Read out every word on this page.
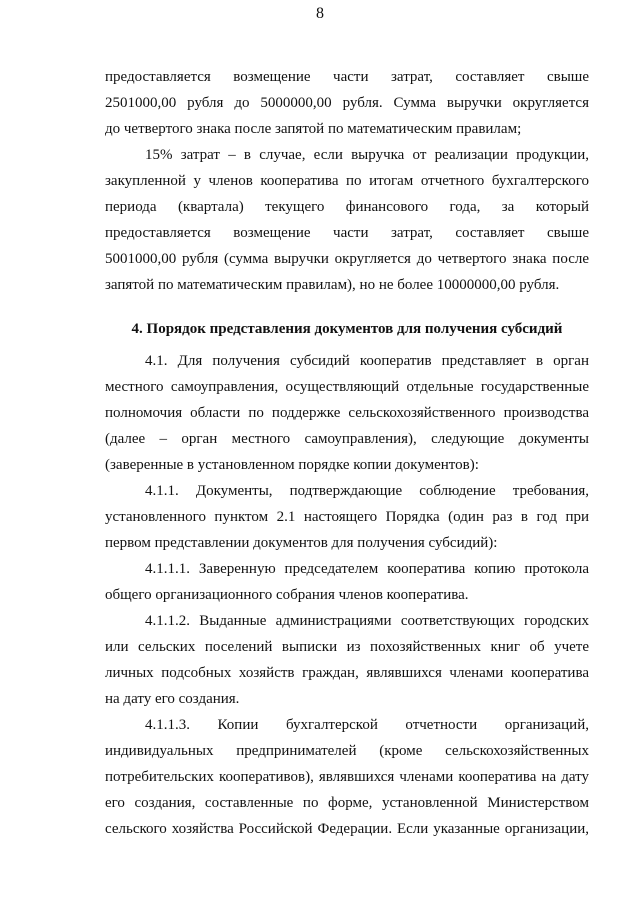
8
предоставляется возмещение части затрат, составляет свыше
2501000,00 рубля до 5000000,00 рубля. Сумма выручки округляется
до четвертого знака после запятой по математическим правилам;
15% затрат – в случае, если выручка от реализации продукции,
закупленной у членов кооператива по итогам отчетного бухгалтерского
периода (квартала) текущего финансового года, за который
предоставляется возмещение части затрат, составляет свыше
5001000,00 рубля (сумма выручки округляется до четвертого знака после
запятой по математическим правилам), но не более 10000000,00 рубля.
4. Порядок представления документов для получения субсидий
4.1. Для получения субсидий кооператив представляет в орган
местного самоуправления, осуществляющий отдельные государственные
полномочия области по поддержке сельскохозяйственного производства
(далее – орган местного самоуправления), следующие документы
(заверенные в установленном порядке копии документов):
4.1.1. Документы, подтверждающие соблюдение требования,
установленного пунктом 2.1 настоящего Порядка (один раз в год при
первом представлении документов для получения субсидий):
4.1.1.1. Заверенную председателем кооператива копию протокола
общего организационного собрания членов кооператива.
4.1.1.2. Выданные администрациями соответствующих городских
или сельских поселений выписки из похозяйственных книг об учете
личных подсобных хозяйств граждан, являвшихся членами кооператива
на дату его создания.
4.1.1.3. Копии бухгалтерской отчетности организаций,
индивидуальных предпринимателей (кроме сельскохозяйственных
потребительских кооперативов), являвшихся членами кооператива на дату
его создания, составленные по форме, установленной Министерством
сельского хозяйства Российской Федерации. Если указанные организации,
